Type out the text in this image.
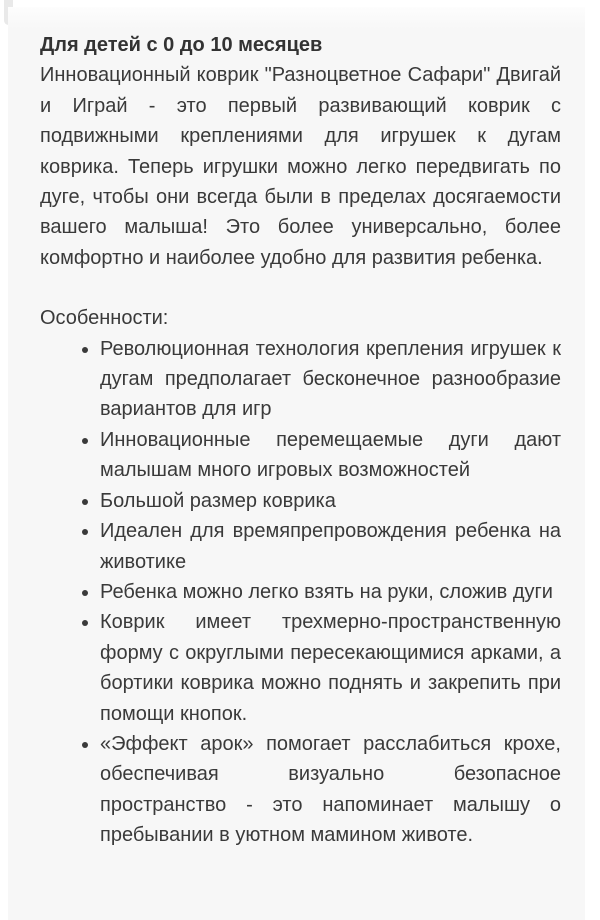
Для детей с 0 до 10 месяцев

Инновационный коврик "Разноцветное Сафари" Двигай и Играй - это первый развивающий коврик с подвижными креплениями для игрушек к дугам коврика. Теперь игрушки можно легко передвигать по дуге, чтобы они всегда были в пределах досягаемости вашего малыша! Это более универсально, более комфортно и наиболее удобно для развития ребенка.

Особенности:

• Революционная технология крепления игрушек к дугам предполагает бесконечное разнообразие вариантов для игр
• Инновационные перемещаемые дуги дают малышам много игровых возможностей
• Большой размер коврика
• Идеален для времяпрепровождения ребенка на животике
• Ребенка можно легко взять на руки, сложив дуги
• Коврик имеет трехмерно-пространственную форму с округлыми пересекающимися арками, а бортики коврика можно поднять и закрепить при помощи кнопок.
• «Эффект арок» помогает расслабиться крохе, обеспечивая визуально безопасное пространство - это напоминает малышу о пребывании в уютном мамином животе.
